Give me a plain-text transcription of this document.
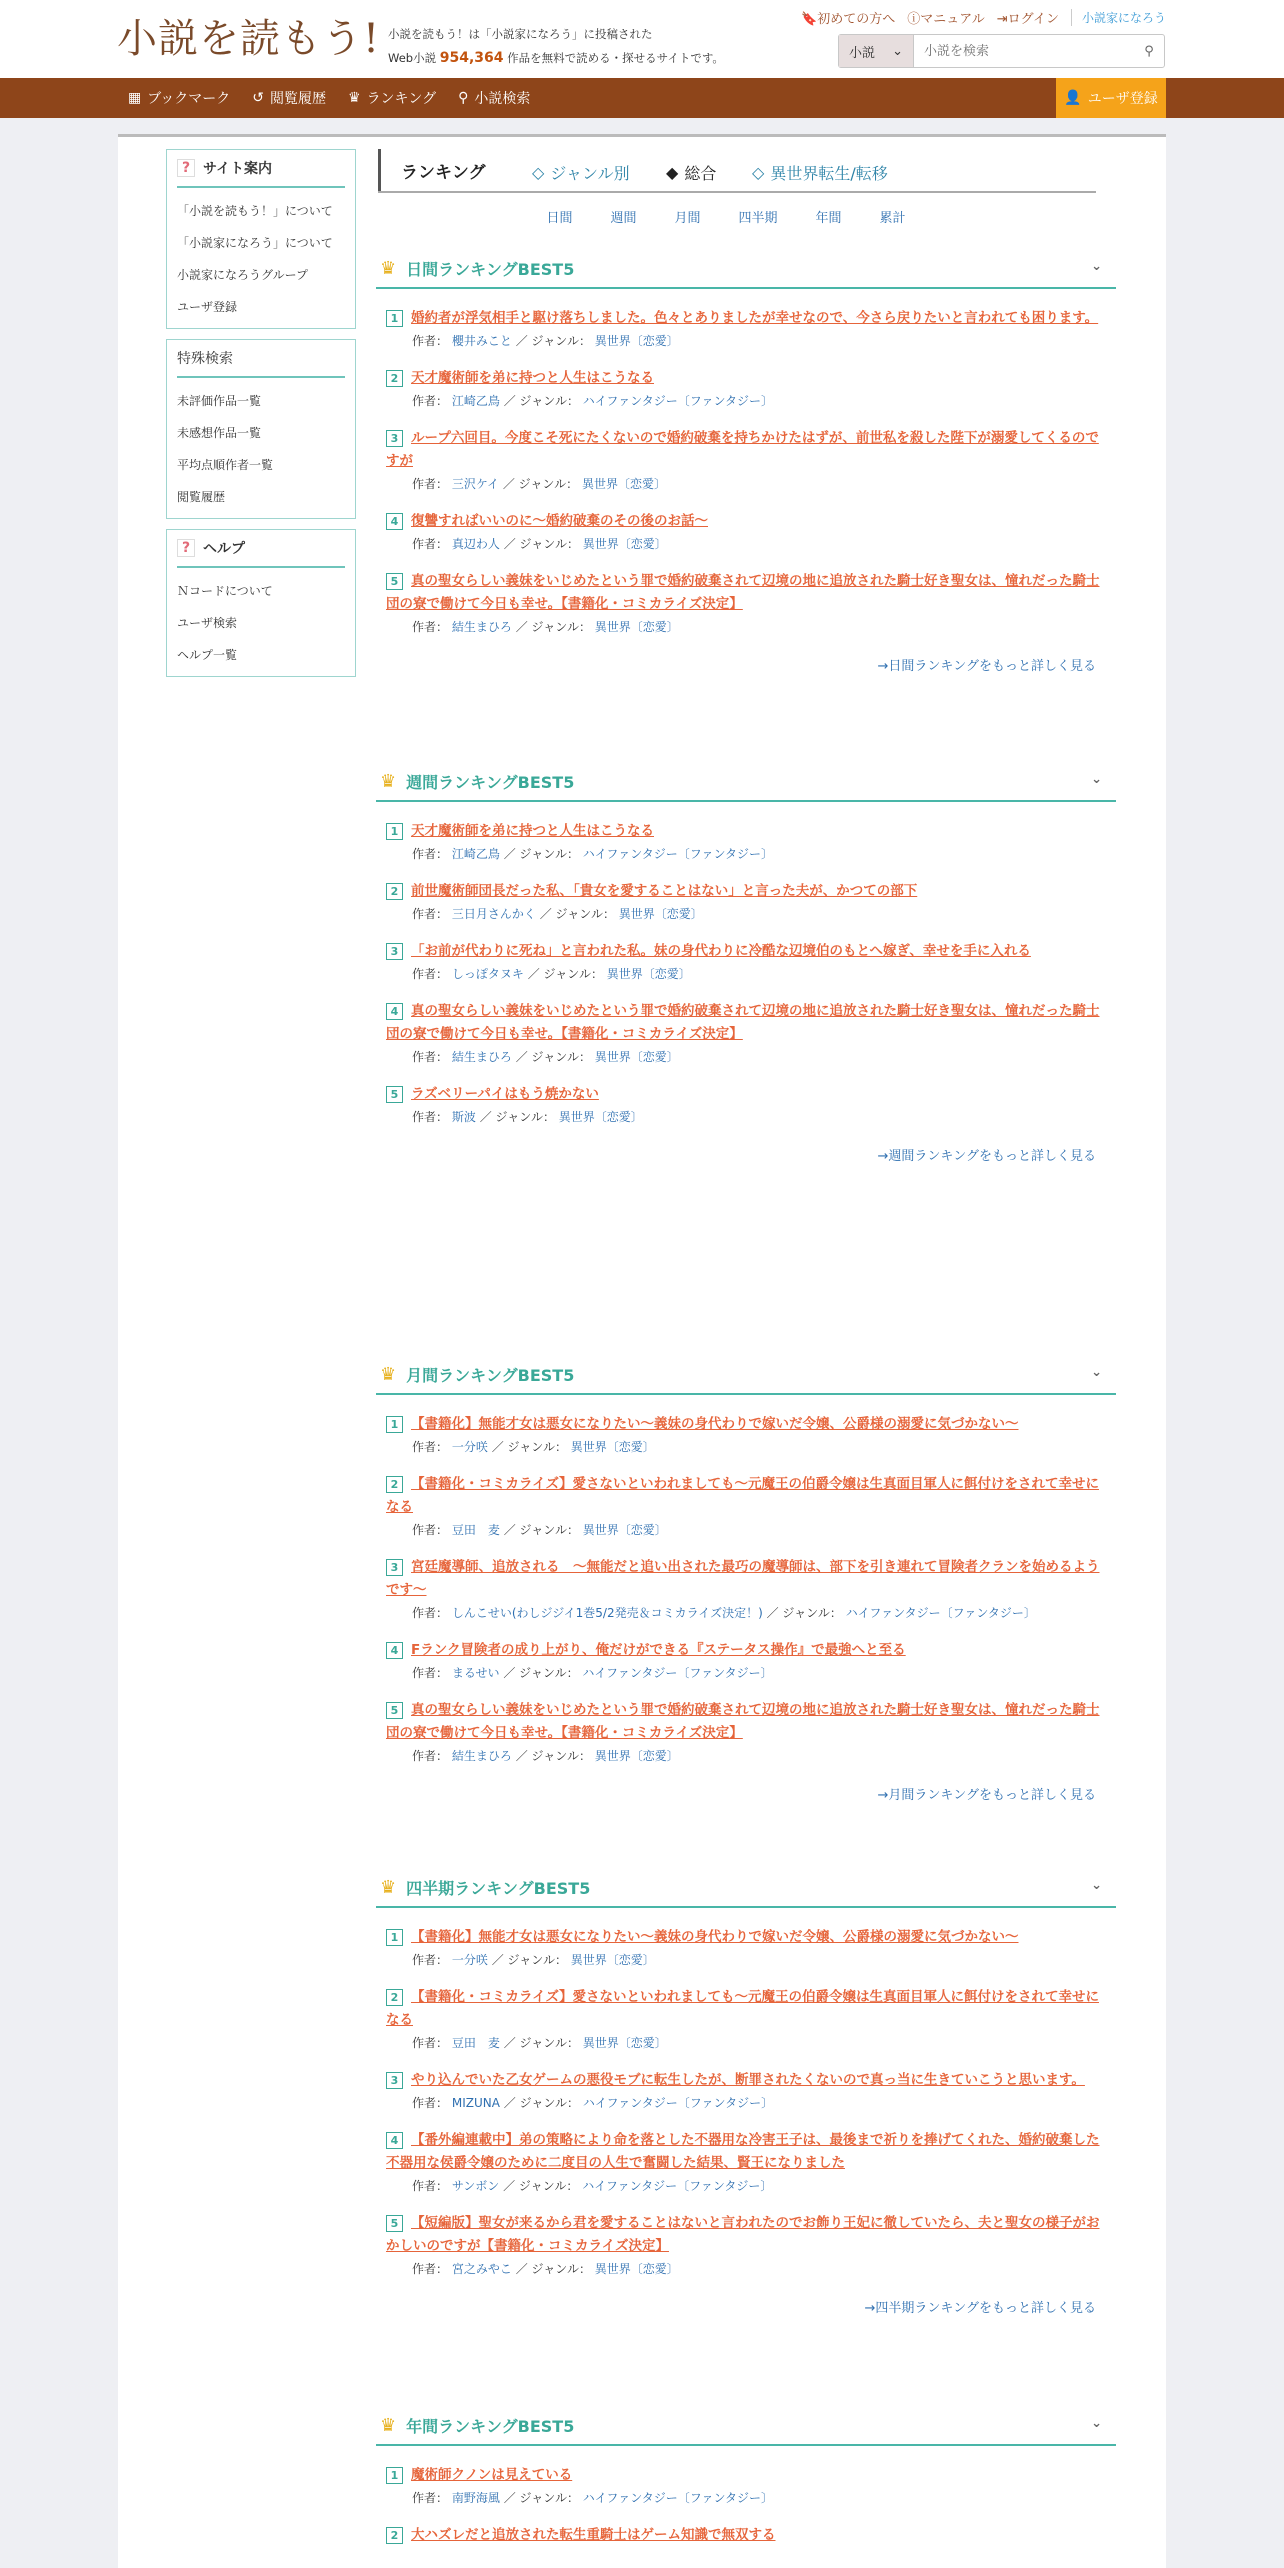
小説を読もう! 小説を読もう！は「小説家になろう」に投稿された
Web小説 954,364 作品を無料で読める・探せるサイトです。
🔖初めての方へ ⓘマニュアル ⇥ログイン	小説家になろう
小説 ⌄
小説を検索	⚲
▦ ブックマーク ↺ 閲覧履歴 ♛ ランキング ⚲ 小説検索	👤 ユーザ登録
? サイト案内
「小説を読もう！」について
「小説家になろう」について
小説家になろうグループ
ユーザ登録
特殊検索
未評価作品一覧
未感想作品一覧
平均点順作者一覧
閲覧履歴
? ヘルプ
Ｎコードについて
ユーザ検索
ヘルプ一覧
ランキング	◇ ジャンル別 ◆ 総合 ◇ 異世界転生/転移
日間	週間	月間	四半期	年間	累計
♛ 日間ランキングBEST5	⌄
1 婚約者が浮気相手と駆け落ちしました。色々とありましたが幸せなので、今さら戻りたいと言われても困ります。
作者： 櫻井みこと ／ ジャンル： 異世界〔恋愛〕
2 天才魔術師を弟に持つと人生はこうなる
作者： 江崎乙鳥 ／ ジャンル： ハイファンタジー〔ファンタジー〕
3 ループ六回目。今度こそ死にたくないので婚約破棄を持ちかけたはずが、前世私を殺した陛下が溺愛してくるのですが
作者： 三沢ケイ ／ ジャンル： 異世界〔恋愛〕
4 復讐すればいいのに〜婚約破棄のその後のお話〜
作者： 真辺わ人 ／ ジャンル： 異世界〔恋愛〕
5 真の聖女らしい義妹をいじめたという罪で婚約破棄されて辺境の地に追放された騎士好き聖女は、憧れだった騎士団の寮で働けて今日も幸せ。【書籍化・コミカライズ決定】
作者： 結生まひろ ／ ジャンル： 異世界〔恋愛〕
→日間ランキングをもっと詳しく見る
♛ 週間ランキングBEST5	⌄
1 天才魔術師を弟に持つと人生はこうなる
作者： 江崎乙鳥 ／ ジャンル： ハイファンタジー〔ファンタジー〕
2 前世魔術師団長だった私、「貴女を愛することはない」と言った夫が、かつての部下
作者： 三日月さんかく ／ ジャンル： 異世界〔恋愛〕
3 「お前が代わりに死ね」と言われた私。妹の身代わりに冷酷な辺境伯のもとへ嫁ぎ、幸せを手に入れる
作者： しっぽタヌキ ／ ジャンル： 異世界〔恋愛〕
4 真の聖女らしい義妹をいじめたという罪で婚約破棄されて辺境の地に追放された騎士好き聖女は、憧れだった騎士団の寮で働けて今日も幸せ。【書籍化・コミカライズ決定】
作者： 結生まひろ ／ ジャンル： 異世界〔恋愛〕
5 ラズベリーパイはもう焼かない
作者： 斯波 ／ ジャンル： 異世界〔恋愛〕
→週間ランキングをもっと詳しく見る
♛ 月間ランキングBEST5	⌄
1 【書籍化】無能才女は悪女になりたい～義妹の身代わりで嫁いだ令嬢、公爵様の溺愛に気づかない～
作者： 一分咲 ／ ジャンル： 異世界〔恋愛〕
2 【書籍化・コミカライズ】愛さないといわれましても～元魔王の伯爵令嬢は生真面目軍人に餌付けをされて幸せになる
作者： 豆田　麦 ／ ジャンル： 異世界〔恋愛〕
3 宮廷魔導師、追放される　～無能だと追い出された最巧の魔導師は、部下を引き連れて冒険者クランを始めるようです～
作者： しんこせい(わしジジイ1巻5/2発売＆コミカライズ決定！) ／ ジャンル： ハイファンタジー〔ファンタジー〕
4 Fランク冒険者の成り上がり、俺だけができる『ステータス操作』で最強へと至る
作者： まるせい ／ ジャンル： ハイファンタジー〔ファンタジー〕
5 真の聖女らしい義妹をいじめたという罪で婚約破棄されて辺境の地に追放された騎士好き聖女は、憧れだった騎士団の寮で働けて今日も幸せ。【書籍化・コミカライズ決定】
作者： 結生まひろ ／ ジャンル： 異世界〔恋愛〕
→月間ランキングをもっと詳しく見る
♛ 四半期ランキングBEST5	⌄
1 【書籍化】無能才女は悪女になりたい～義妹の身代わりで嫁いだ令嬢、公爵様の溺愛に気づかない～
作者： 一分咲 ／ ジャンル： 異世界〔恋愛〕
2 【書籍化・コミカライズ】愛さないといわれましても～元魔王の伯爵令嬢は生真面目軍人に餌付けをされて幸せになる
作者： 豆田　麦 ／ ジャンル： 異世界〔恋愛〕
3 やり込んでいた乙女ゲームの悪役モブに転生したが、断罪されたくないので真っ当に生きていこうと思います。
作者： MIZUNA ／ ジャンル： ハイファンタジー〔ファンタジー〕
4 【番外編連載中】弟の策略により命を落とした不器用な冷害王子は、最後まで祈りを捧げてくれた、婚約破棄した不器用な侯爵令嬢のために二度目の人生で奮闘した結果、賢王になりました
作者： サンボン ／ ジャンル： ハイファンタジー〔ファンタジー〕
5 【短編版】聖女が来るから君を愛することはないと言われたのでお飾り王妃に徹していたら、夫と聖女の様子がおかしいのですが【書籍化・コミカライズ決定】
作者： 宮之みやこ ／ ジャンル： 異世界〔恋愛〕
→四半期ランキングをもっと詳しく見る
♛ 年間ランキングBEST5	⌄
1 魔術師クノンは見えている
作者： 南野海風 ／ ジャンル： ハイファンタジー〔ファンタジー〕
2 大ハズレだと追放された転生重騎士はゲーム知識で無双する
